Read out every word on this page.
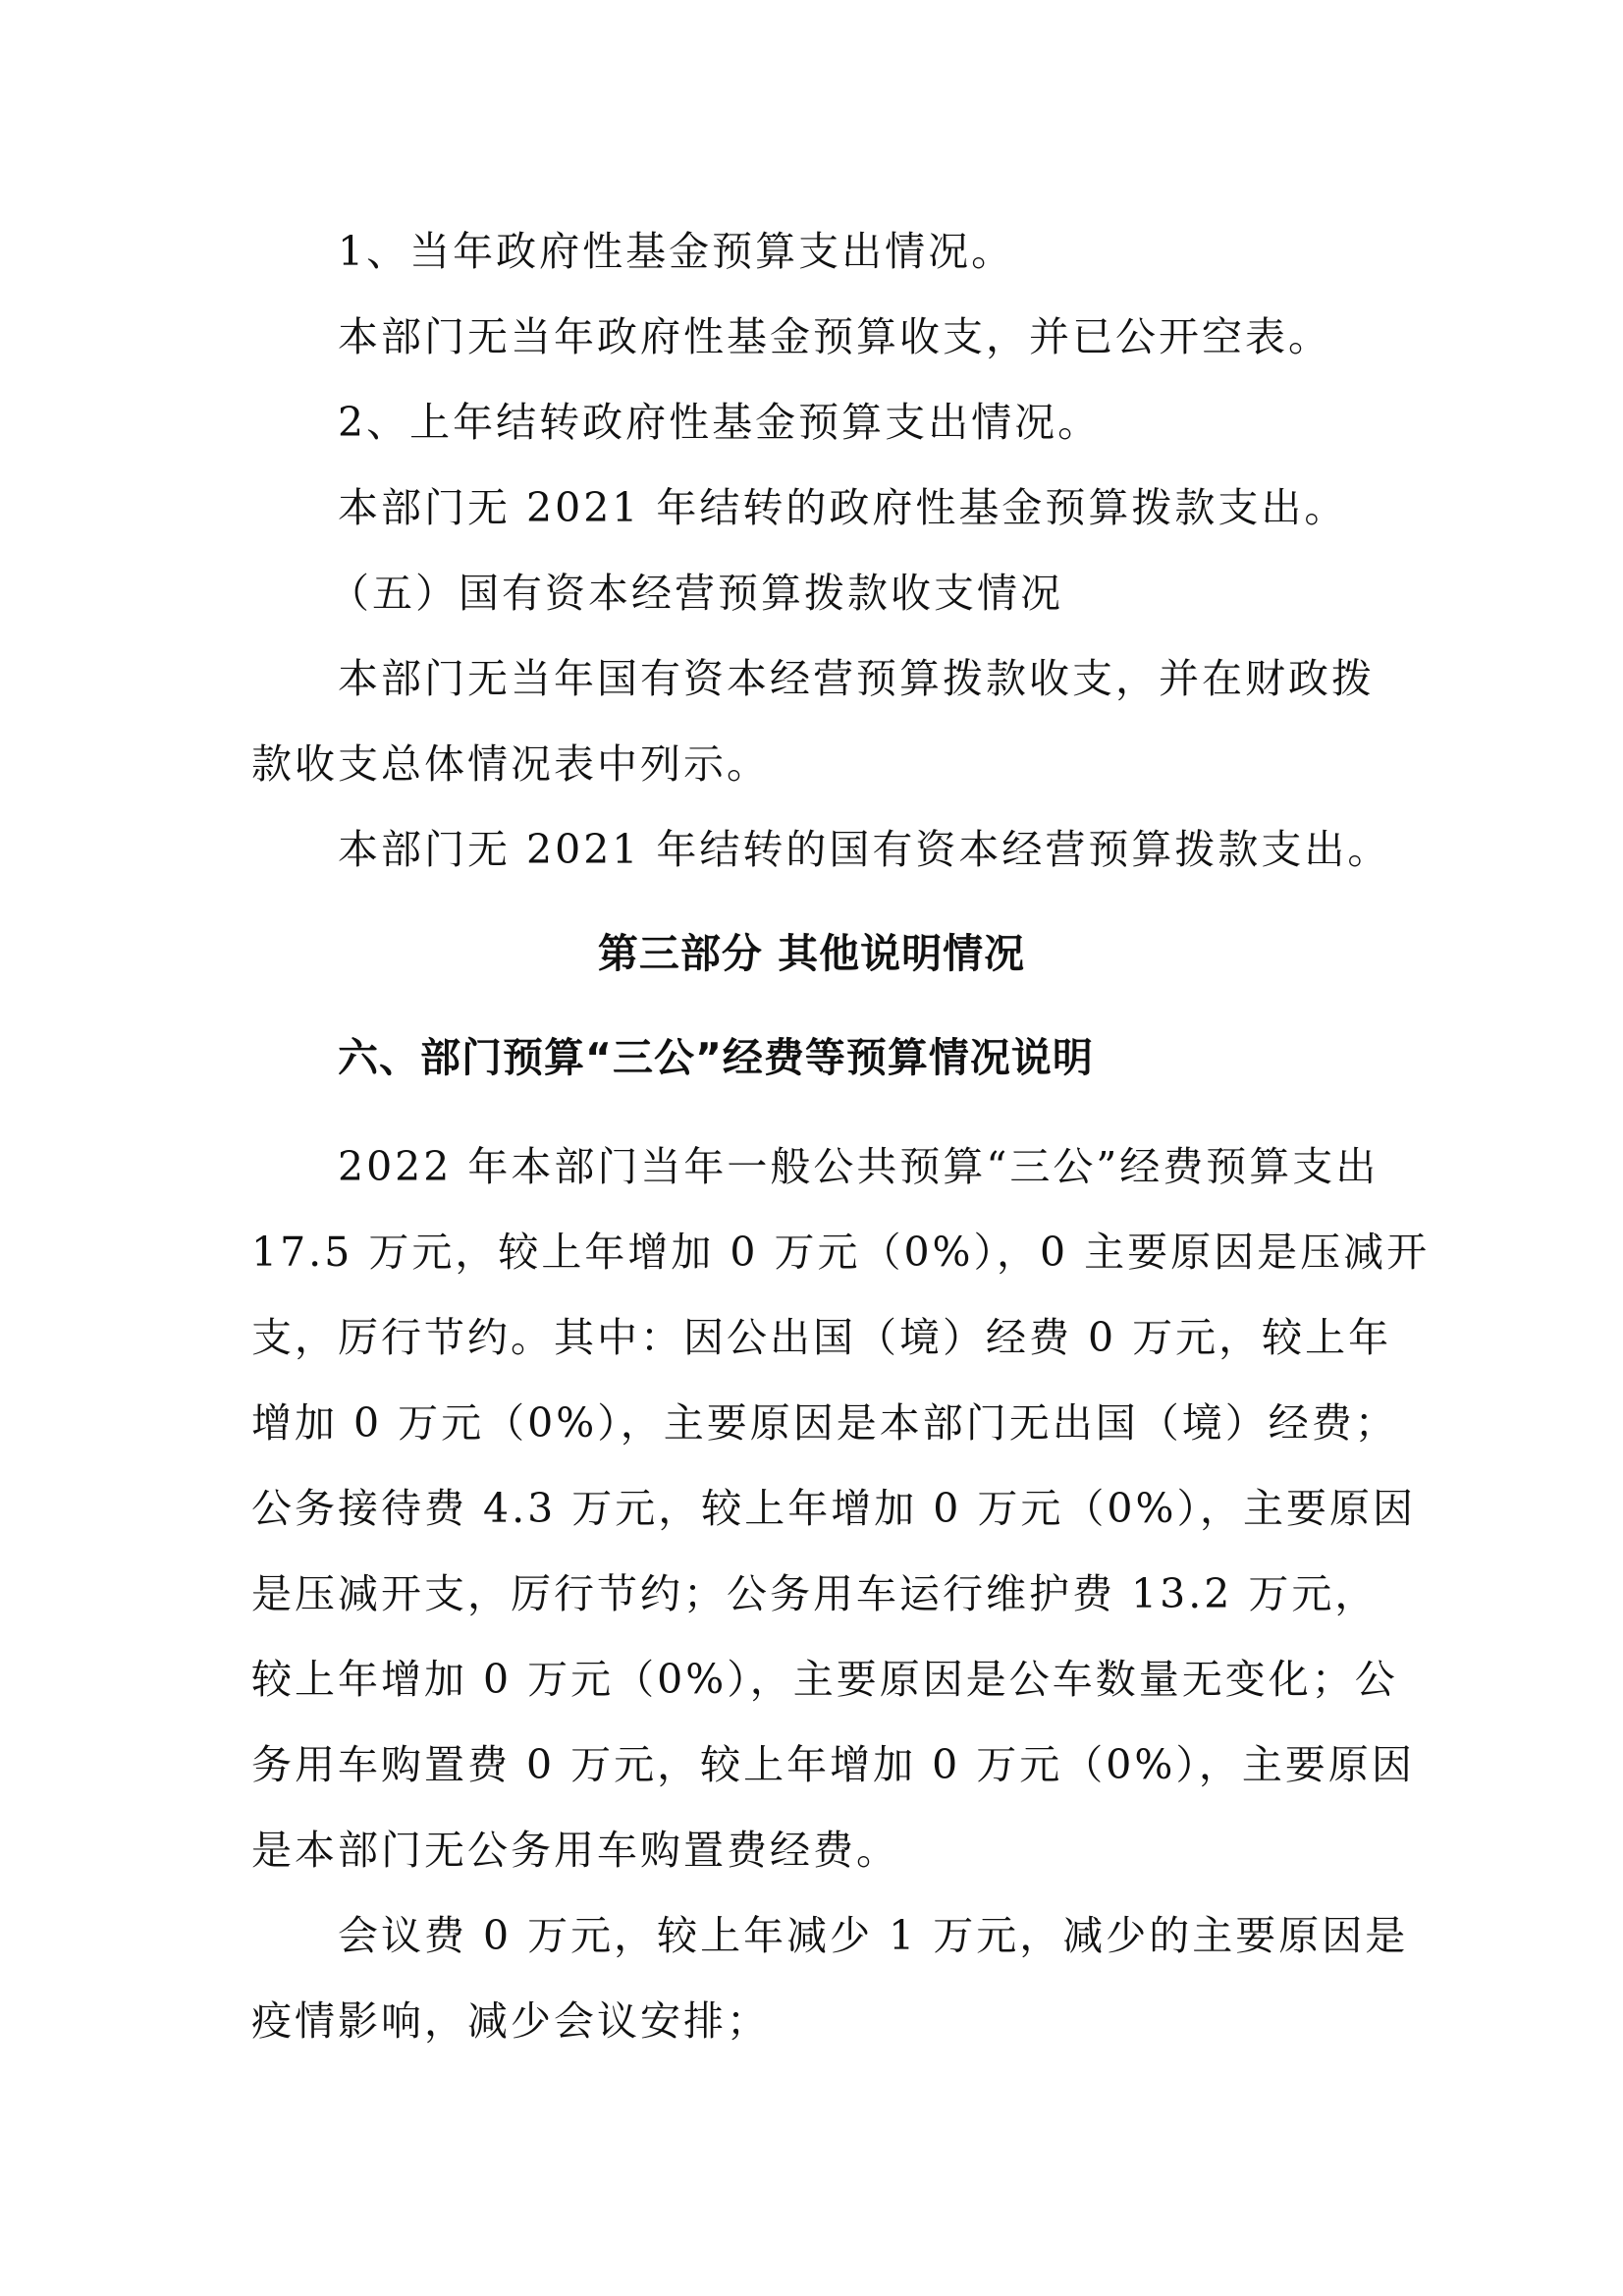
1、当年政府性基金预算支出情况。
本部门无当年政府性基金预算收支，并已公开空表。
2、上年结转政府性基金预算支出情况。
本部门无 2021 年结转的政府性基金预算拨款支出。
（五）国有资本经营预算拨款收支情况
本部门无当年国有资本经营预算拨款收支，并在财政拨
款收支总体情况表中列示。
本部门无 2021 年结转的国有资本经营预算拨款支出。
第三部分 其他说明情况
六、部门预算“三公”经费等预算情况说明
2022 年本部门当年一般公共预算“三公”经费预算支出
17.5 万元，较上年增加 0 万元（0%），0 主要原因是压减开
支，厉行节约。其中：因公出国（境）经费 0 万元，较上年
增加 0 万元（0%），主要原因是本部门无出国（境）经费；
公务接待费 4.3 万元，较上年增加 0 万元（0%），主要原因
是压减开支，厉行节约；公务用车运行维护费 13.2 万元，
较上年增加 0 万元（0%），主要原因是公车数量无变化；公
务用车购置费 0 万元，较上年增加 0 万元（0%），主要原因
是本部门无公务用车购置费经费。
会议费 0 万元，较上年减少 1 万元，减少的主要原因是
疫情影响，减少会议安排；
